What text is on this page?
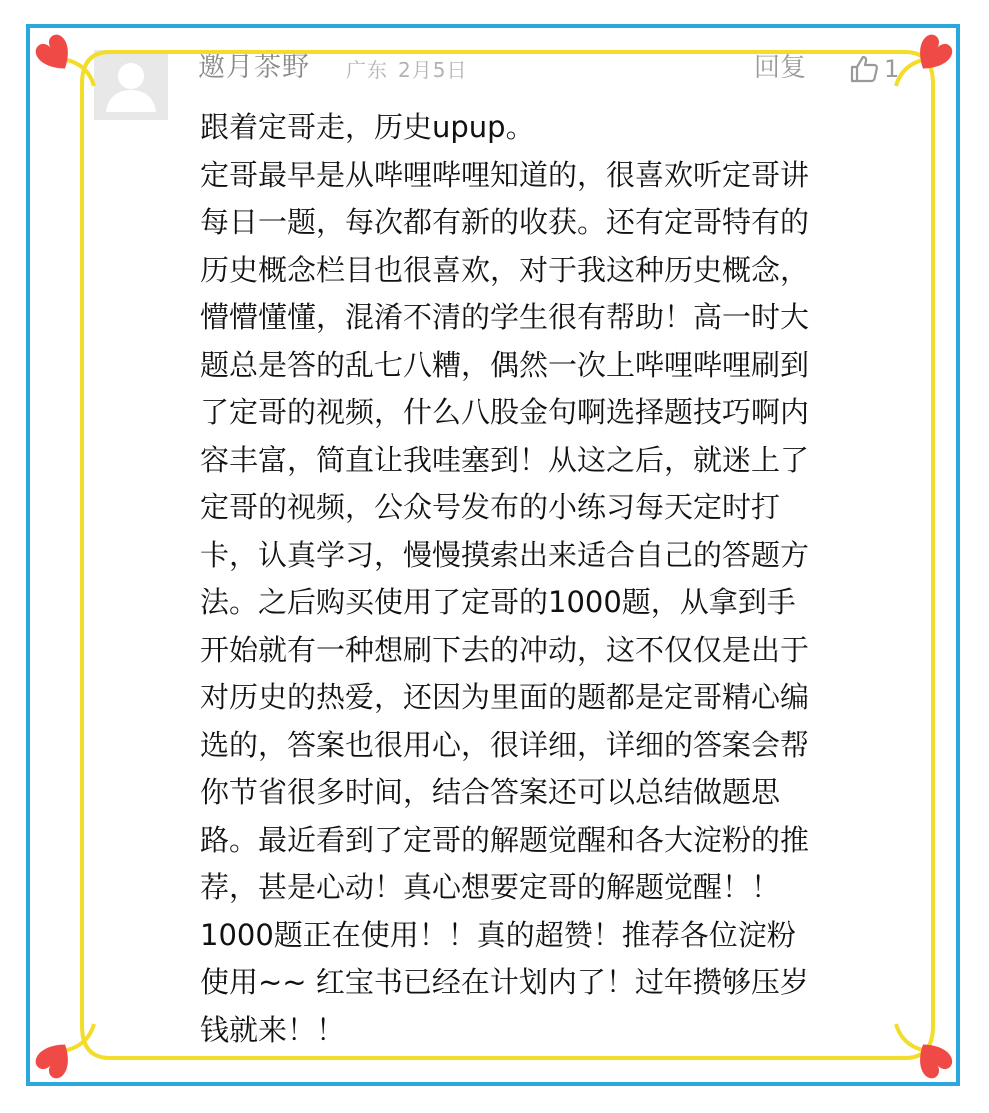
邀月茶野 广东 2月5日	回复	1

跟着定哥走，历史upup。
定哥最早是从哔哩哔哩知道的，很喜欢听定哥讲
每日一题，每次都有新的收获。还有定哥特有的
历史概念栏目也很喜欢，对于我这种历史概念，
懵懵懂懂，混淆不清的学生很有帮助！高一时大
题总是答的乱七八糟，偶然一次上哔哩哔哩刷到
了定哥的视频，什么八股金句啊选择题技巧啊内
容丰富，简直让我哇塞到！从这之后，就迷上了
定哥的视频，公众号发布的小练习每天定时打
卡，认真学习，慢慢摸索出来适合自己的答题方
法。之后购买使用了定哥的1000题，从拿到手
开始就有一种想刷下去的冲动，这不仅仅是出于
对历史的热爱，还因为里面的题都是定哥精心编
选的，答案也很用心，很详细，详细的答案会帮
你节省很多时间，结合答案还可以总结做题思
路。最近看到了定哥的解题觉醒和各大淀粉的推
荐，甚是心动！真心想要定哥的解题觉醒！！
1000题正在使用！！真的超赞！推荐各位淀粉
使用~~ 红宝书已经在计划内了！过年攒够压岁
钱就来！！
